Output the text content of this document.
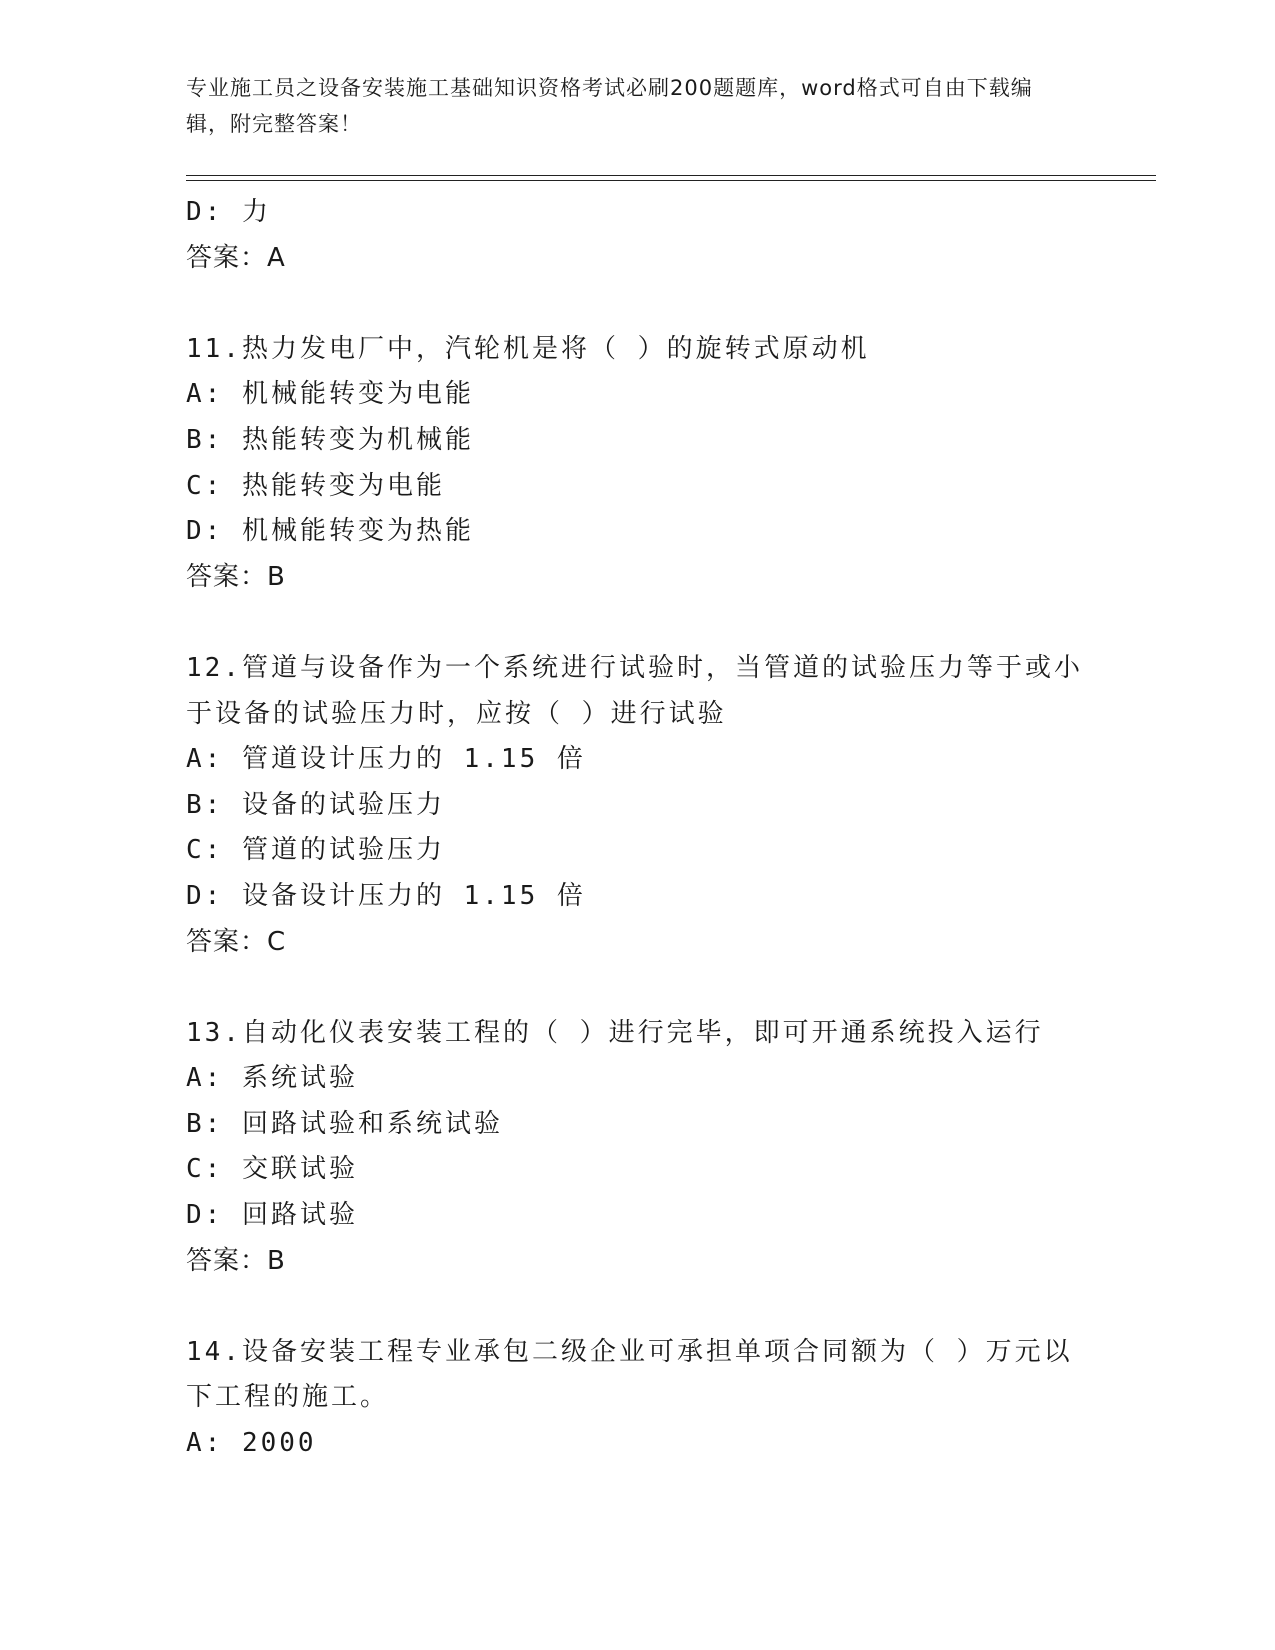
专业施工员之设备安装施工基础知识资格考试必刷200题题库，word格式可自由下载编辑，附完整答案！
D: 力
答案：A
11.热力发电厂中，汽轮机是将（ ）的旋转式原动机
A: 机械能转变为电能
B: 热能转变为机械能
C: 热能转变为电能
D: 机械能转变为热能
答案：B
12.管道与设备作为一个系统进行试验时，当管道的试验压力等于或小
于设备的试验压力时，应按（ ）进行试验
A: 管道设计压力的 1.15 倍
B: 设备的试验压力
C: 管道的试验压力
D: 设备设计压力的 1.15 倍
答案：C
13.自动化仪表安装工程的（ ）进行完毕，即可开通系统投入运行
A: 系统试验
B: 回路试验和系统试验
C: 交联试验
D: 回路试验
答案：B
14.设备安装工程专业承包二级企业可承担单项合同额为（ ）万元以
下工程的施工。
A: 2000
